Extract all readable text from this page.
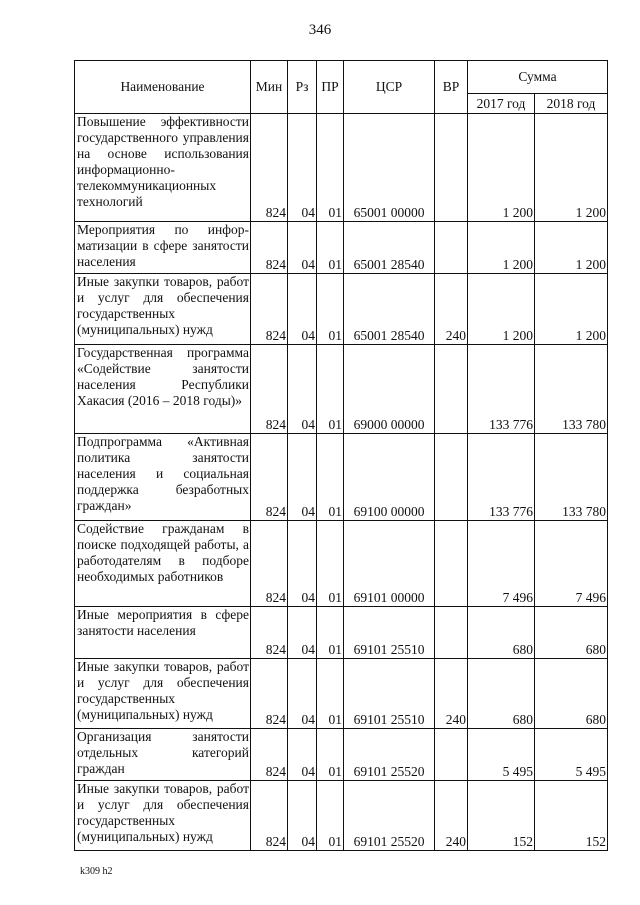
346
Наименование	Мин	Рз	ПР	ЦСР	ВР	Сумма	
						2017 год	2018 год
Повышение эффективности государственного управления на основе использования информационно-телекоммуникационных технологий	824	04	01	65001 00000		1 200	1 200
Мероприятия по информатизации в сфере занятости населения	824	04	01	65001 28540		1 200	1 200
Иные закупки товаров, работ и услуг для обеспечения государственных (муниципальных) нужд	824	04	01	65001 28540	240	1 200	1 200
Государственная программа «Содействие занятости населения Республики Хакасия (2016 – 2018 годы)»	824	04	01	69000 00000		133 776	133 780
Подпрограмма «Активная политика занятости населения и социальная поддержка безработных граждан»	824	04	01	69100 00000		133 776	133 780
Содействие гражданам в поиске подходящей работы, а работодателям в подборе необходимых работников	824	04	01	69101 00000		7 496	7 496
Иные мероприятия в сфере занятости населения	824	04	01	69101 25510		680	680
Иные закупки товаров, работ и услуг для обеспечения государственных (муниципальных) нужд	824	04	01	69101 25510	240	680	680
Организация занятости отдельных категорий граждан	824	04	01	69101 25520		5 495	5 495
Иные закупки товаров, работ и услуг для обеспечения государственных (муниципальных) нужд	824	04	01	69101 25520	240	152	152
k309 h2
